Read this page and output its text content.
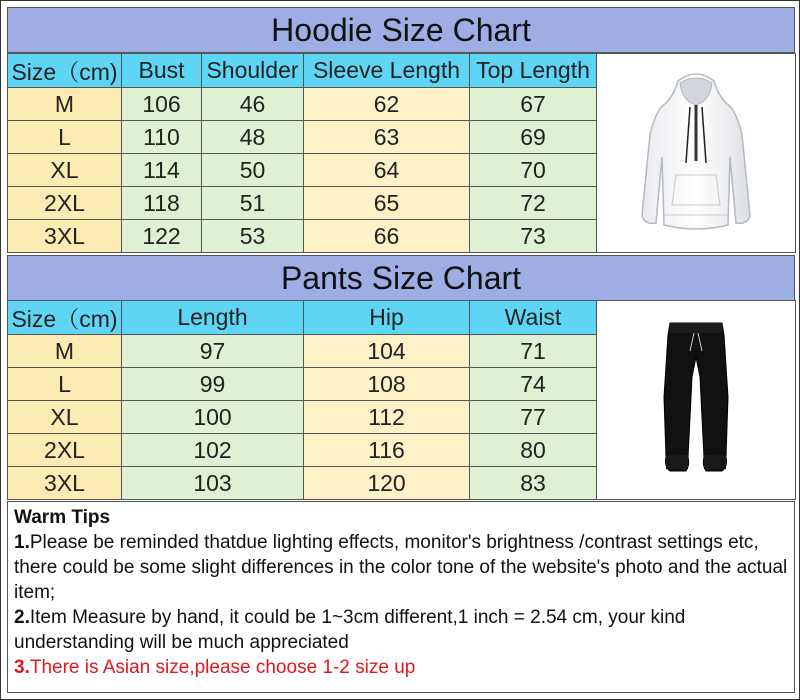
Hoodie Size Chart
Size（cm)	Bust	Shoulder	Sleeve Length	Top Length	
M	106	46	62	67	
L	110	48	63	69	
XL	114	50	64	70	
2XL	118	51	65	72	
3XL	122	53	66	73	
Pants Size Chart
Size（cm)	Length	Hip	Waist	
M	97	104	71	
L	99	108	74	
XL	100	112	77	
2XL	102	116	80	
3XL	103	120	83	
Warm Tips
1.Please be reminded thatdue lighting effects, monitor's brightness /contrast settings etc, there could be some slight differences in the color tone of the website's photo and the actual item;
2.Item Measure by hand, it could be 1~3cm different,1 inch = 2.54 cm, your kind understanding will be much appreciated
3.There is Asian size,please choose 1-2 size up
